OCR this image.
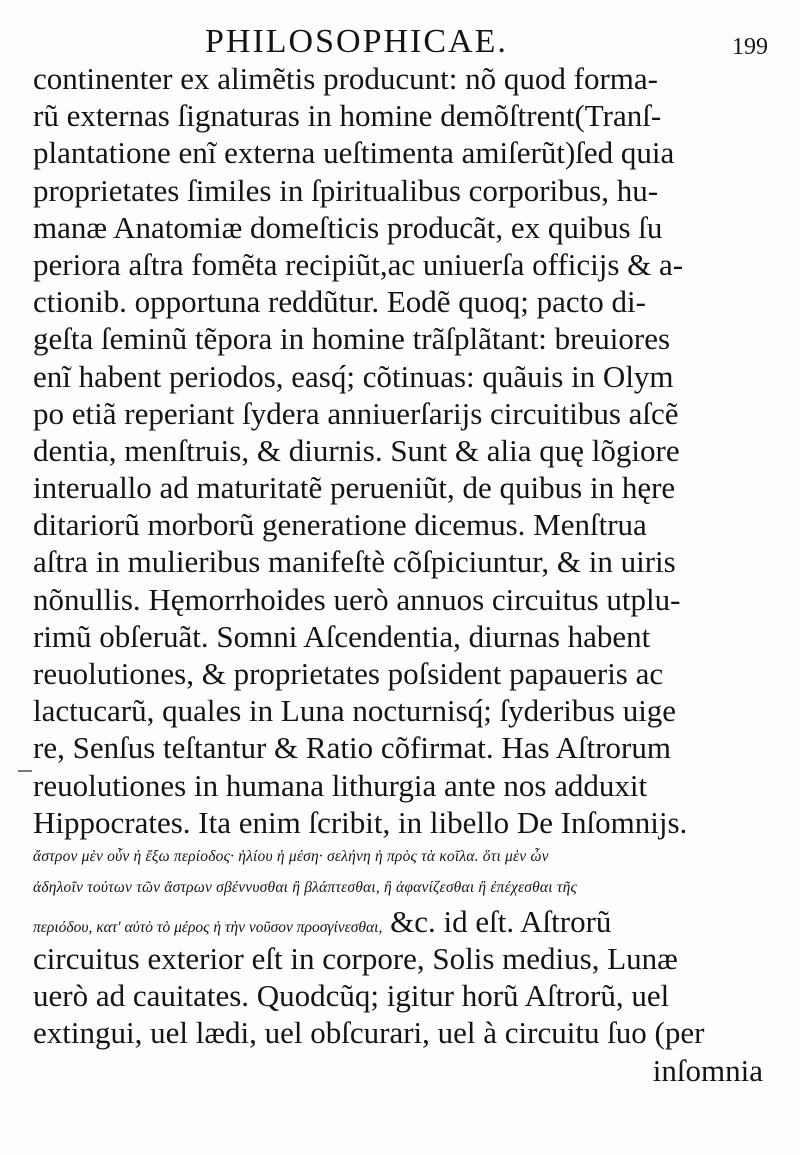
PHILOSOPHICAE.	199
continenter ex alimẽtis producunt: nõ quod forma-
rũ externas ſignaturas in homine demõſtrent(Tranſ-
plantatione enĩ externa ueſtimenta amiſerũt)ſed quia
proprietates ſimiles in ſpiritualibus corporibus, hu-
manæ Anatomiæ domeſticis producãt, ex quibus ſu
periora aſtra fomẽta recipiũt,ac uniuerſa officijs & a-
ctionib. opportuna reddũtur. Eodẽ quoq; pacto di-
geſta ſeminũ tẽpora in homine trãſplãtant: breuiores
enĩ habent periodos, easq́; cõtinuas: quãuis in Olym
po etiã reperiant ſydera anniuerſarijs circuitibus aſcẽ
dentia, menſtruis, & diurnis. Sunt & alia quę lõgiore
interuallo ad maturitatẽ perueniũt, de quibus in hęre
ditariorũ morborũ generatione dicemus. Menſtrua
aſtra in mulieribus manifeſtè cõſpiciuntur, & in uiris
nõnullis. Hęmorrhoides uerò annuos circuitus utplu-
rimũ obſeruãt. Somni Aſcendentia, diurnas habent
reuolutiones, & proprietates poſsident papaueris ac
lactucarũ, quales in Luna nocturnisq́; ſyderibus uige
re, Senſus teſtantur & Ratio cõfirmat. Has Aſtrorum
reuolutiones in humana lithurgia ante nos adduxit
Hippocrates. Ita enim ſcribit, in libello De Inſomnijs.
ἄστρον μὲν οὖν ἡ ἔξω περίοδος· ἡλίου ἡ μέση· σελήνη ἡ πρὸς τὰ κοῖλα. ὅτι μὲν ὦν
ἀδηλοῖν τούτων τῶν ἄστρων σβέννυσθαι ἢ βλάπτεσθαι, ἢ ἀφανίζεσθαι ἢ ἐπέχεσθαι τῆς
περιόδου, κατ' αὐτὸ τὸ μέρος ἡ τὴν νοῦσον προσγίνεσθαι, &c. id eſt. Aſtrorũ
circuitus exterior eſt in corpore, Solis medius, Lunæ
uerò ad cauitates. Quodcũq; igitur horũ Aſtrorũ, uel
extingui, uel lædi, uel obſcurari, uel à circuitu ſuo (per
inſomnia
